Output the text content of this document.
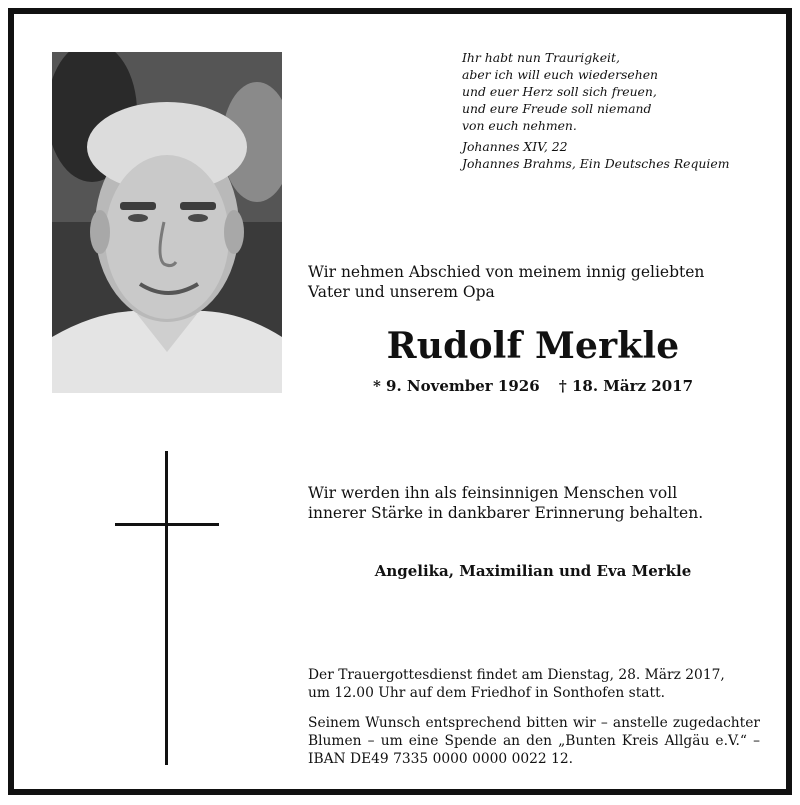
Ihr habt nun Traurigkeit,
aber ich will euch wiedersehen
und euer Herz soll sich freuen,
und eure Freude soll niemand
von euch nehmen.
Johannes XIV, 22
Johannes Brahms, Ein Deutsches Requiem
Wir nehmen Abschied von meinem innig geliebten
Vater und unserem Opa
Rudolf Merkle
* 9. November 1926 † 18. März 2017
Wir werden ihn als feinsinnigen Menschen voll
innerer Stärke in dankbarer Erinnerung behalten.
Angelika, Maximilian und Eva Merkle
Der Trauergottesdienst findet am Dienstag, 28. März 2017,
um 12.00 Uhr auf dem Friedhof in Sonthofen statt.
Seinem Wunsch entsprechend bitten wir – anstelle zugedachter Blumen – um eine Spende an den „Bunten Kreis Allgäu e.V.“ – IBAN DE49 7335 0000 0000 0022 12.
